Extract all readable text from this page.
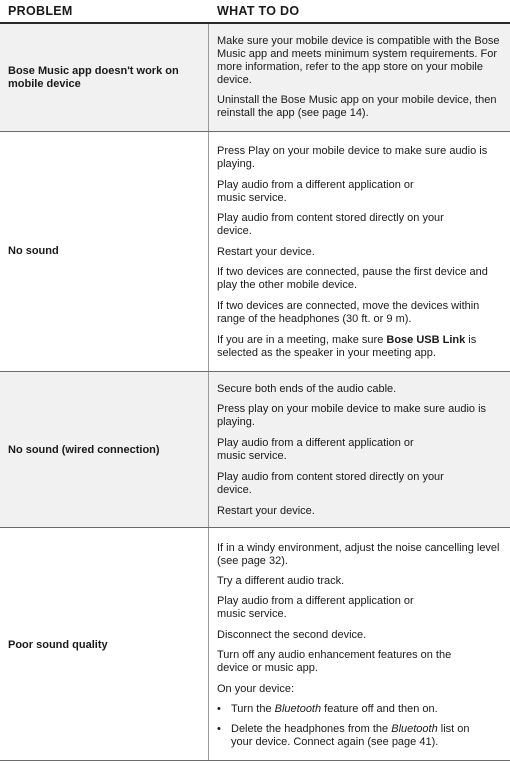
PROBLEM	WHAT TO DO
Bose Music app doesn't work on mobile device
Make sure your mobile device is compatible with the Bose Music app and meets minimum system requirements. For more information, refer to the app store on your mobile device.
Uninstall the Bose Music app on your mobile device, then reinstall the app (see page 14).
No sound
Press Play on your mobile device to make sure audio is playing.
Play audio from a different application or music service.
Play audio from content stored directly on your device.
Restart your device.
If two devices are connected, pause the first device and play the other mobile device.
If two devices are connected, move the devices within range of the headphones (30 ft. or 9 m).
If you are in a meeting, make sure Bose USB Link is selected as the speaker in your meeting app.
No sound (wired connection)
Secure both ends of the audio cable.
Press play on your mobile device to make sure audio is playing.
Play audio from a different application or music service.
Play audio from content stored directly on your device.
Restart your device.
Poor sound quality
If in a windy environment, adjust the noise cancelling level (see page 32).
Try a different audio track.
Play audio from a different application or music service.
Disconnect the second device.
Turn off any audio enhancement features on the device or music app.
On your device:
• Turn the Bluetooth feature off and then on.
• Delete the headphones from the Bluetooth list on your device. Connect again (see page 41).
